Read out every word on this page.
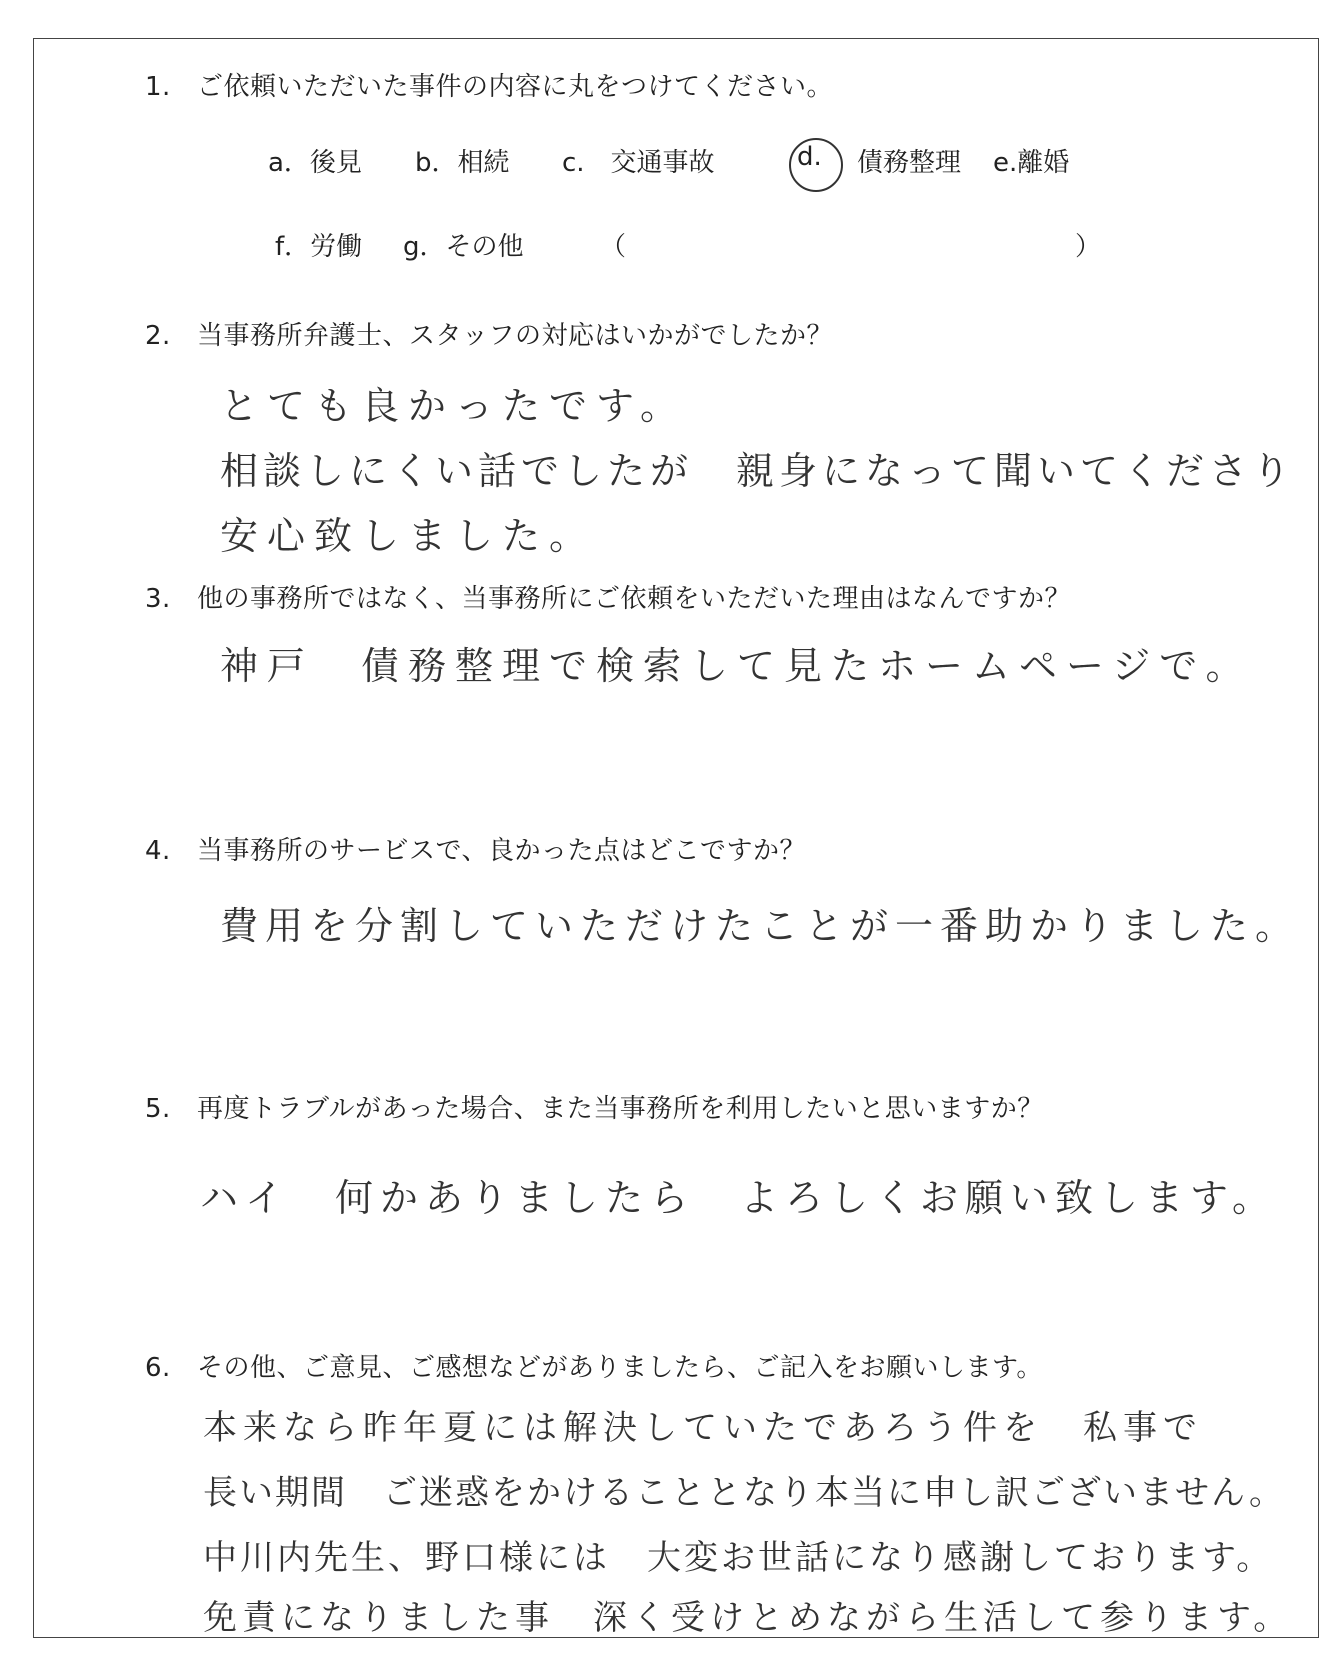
1. ご依頼いただいた事件の内容に丸をつけてください。
a．後見 b．相続 c.　交通事故	d. 債務整理 e.離婚
f．労働 g．その他	（	）
2. 当事務所弁護士、スタッフの対応はいかがでしたか？
とても良かったです。
相談しにくい話でしたが　親身になって聞いてくださり
安心致しました。
3. 他の事務所ではなく、当事務所にご依頼をいただいた理由はなんですか？
神戸　債務整理で検索して見たホームページで。
4. 当事務所のサービスで、良かった点はどこですか？
費用を分割していただけたことが一番助かりました。
5. 再度トラブルがあった場合、また当事務所を利用したいと思いますか？
ハイ　何かありましたら　よろしくお願い致します。
6. その他、ご意見、ご感想などがありましたら、ご記入をお願いします。
本来なら昨年夏には解決していたであろう件を　私事で
長い期間　ご迷惑をかけることとなり本当に申し訳ございません。
中川内先生、野口様には　大変お世話になり感謝しております。
免責になりました事　深く受けとめながら生活して参ります。
